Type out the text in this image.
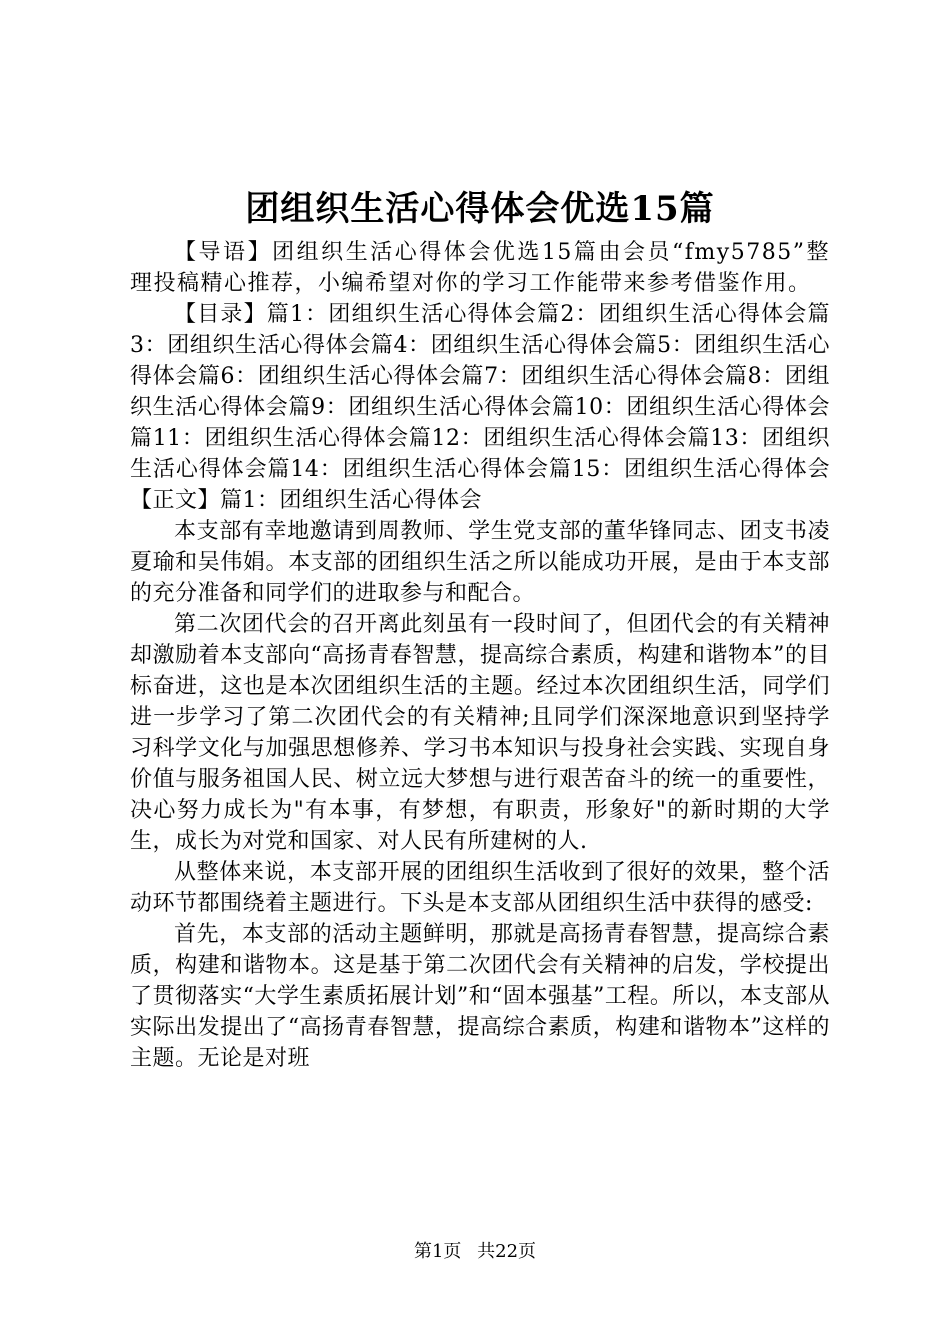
团组织生活心得体会优选15篇

【导语】团组织生活心得体会优选15篇由会员“fmy5785”整理投稿精心推荐，小编希望对你的学习工作能带来参考借鉴作用。

【目录】篇1：团组织生活心得体会篇2：团组织生活心得体会篇3：团组织生活心得体会篇4：团组织生活心得体会篇5：团组织生活心得体会篇6：团组织生活心得体会篇7：团组织生活心得体会篇8：团组织生活心得体会篇9：团组织生活心得体会篇10：团组织生活心得体会篇11：团组织生活心得体会篇12：团组织生活心得体会篇13：团组织生活心得体会篇14：团组织生活心得体会篇15：团组织生活心得体会【正文】篇1：团组织生活心得体会

本支部有幸地邀请到周教师、学生党支部的董华锋同志、团支书凌夏瑜和吴伟娟。本支部的团组织生活之所以能成功开展，是由于本支部的充分准备和同学们的进取参与和配合。

第二次团代会的召开离此刻虽有一段时间了，但团代会的有关精神却激励着本支部向“高扬青春智慧，提高综合素质，构建和谐物本”的目标奋进，这也是本次团组织生活的主题。经过本次团组织生活，同学们进一步学习了第二次团代会的有关精神;且同学们深深地意识到坚持学习科学文化与加强思想修养、学习书本知识与投身社会实践、实现自身价值与服务祖国人民、树立远大梦想与进行艰苦奋斗的统一的重要性，决心努力成长为"有本事，有梦想，有职责，形象好"的新时期的大学生，成长为对党和国家、对人民有所建树的人.

从整体来说，本支部开展的团组织生活收到了很好的效果，整个活动环节都围绕着主题进行。下头是本支部从团组织生活中获得的感受:

首先，本支部的活动主题鲜明，那就是高扬青春智慧，提高综合素质，构建和谐物本。这是基于第二次团代会有关精神的启发，学校提出了贯彻落实“大学生素质拓展计划”和“固本强基”工程。所以，本支部从实际出发提出了“高扬青春智慧，提高综合素质，构建和谐物本”这样的主题。无论是对班

第1页 共22页
